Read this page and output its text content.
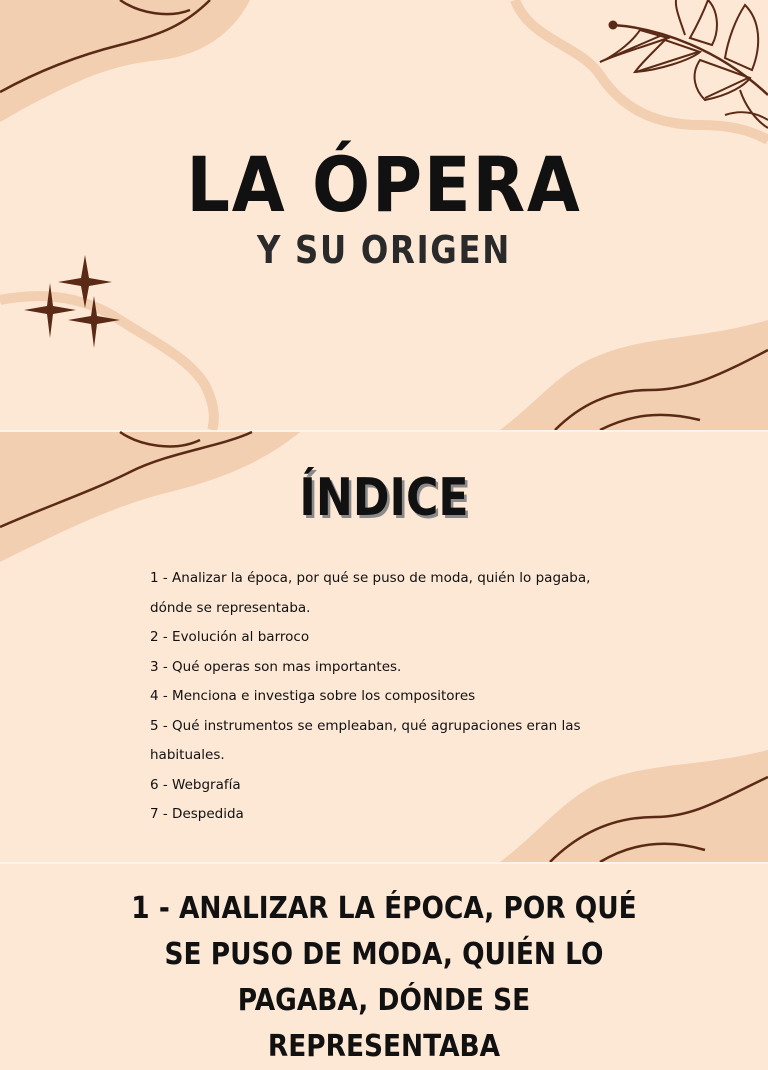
LA ÓPERA
Y SU ORIGEN
ÍNDICE
1 - Analizar la época, por qué se puso de moda, quién lo pagaba, dónde se representaba.
2 - Evolución al barroco
3 - Qué operas son mas importantes.
4 - Menciona e investiga sobre los compositores
5 - Qué instrumentos se empleaban, qué agrupaciones eran las habituales.
6 - Webgrafía
7 - Despedida
1 - ANALIZAR LA ÉPOCA, POR QUÉ SE PUSO DE MODA, QUIÉN LO PAGABA, DÓNDE SE REPRESENTABA
